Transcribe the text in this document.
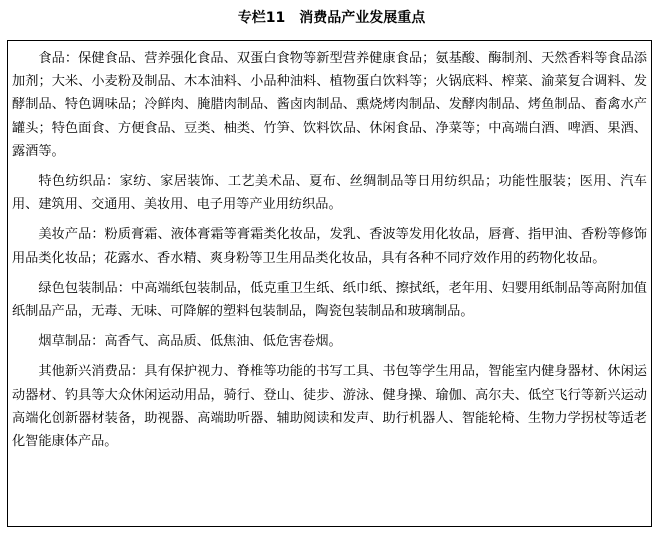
专栏11 消费品产业发展重点

食品：保健食品、营养强化食品、双蛋白食物等新型营养健康食品；氨基酸、酶制剂、天然香料等食品添加剂；大米、小麦粉及制品、木本油料、小品种油料、植物蛋白饮料等；火锅底料、榨菜、渝菜复合调料、发酵制品、特色调味品；冷鲜肉、腌腊肉制品、酱卤肉制品、熏烧烤肉制品、发酵肉制品、烤鱼制品、畜禽水产罐头；特色面食、方便食品、豆类、柚类、竹笋、饮料饮品、休闲食品、净菜等；中高端白酒、啤酒、果酒、露酒等。

特色纺织品：家纺、家居装饰、工艺美术品、夏布、丝绸制品等日用纺织品；功能性服装；医用、汽车用、建筑用、交通用、美妆用、电子用等产业用纺织品。

美妆产品：粉质膏霜、液体膏霜等膏霜类化妆品，发乳、香波等发用化妆品，唇膏、指甲油、香粉等修饰用品类化妆品；花露水、香水精、爽身粉等卫生用品类化妆品，具有各种不同疗效作用的药物化妆品。

绿色包装制品：中高端纸包装制品，低克重卫生纸、纸巾纸、擦拭纸，老年用、妇婴用纸制品等高附加值纸制品产品，无毒、无味、可降解的塑料包装制品，陶瓷包装制品和玻璃制品。

烟草制品：高香气、高品质、低焦油、低危害卷烟。

其他新兴消费品：具有保护视力、脊椎等功能的书写工具、书包等学生用品，智能室内健身器材、休闲运动器材、钓具等大众休闲运动用品，骑行、登山、徒步、游泳、健身操、瑜伽、高尔夫、低空飞行等新兴运动高端化创新器材装备，助视器、高端助听器、辅助阅读和发声、助行机器人、智能轮椅、生物力学拐杖等适老化智能康体产品。
